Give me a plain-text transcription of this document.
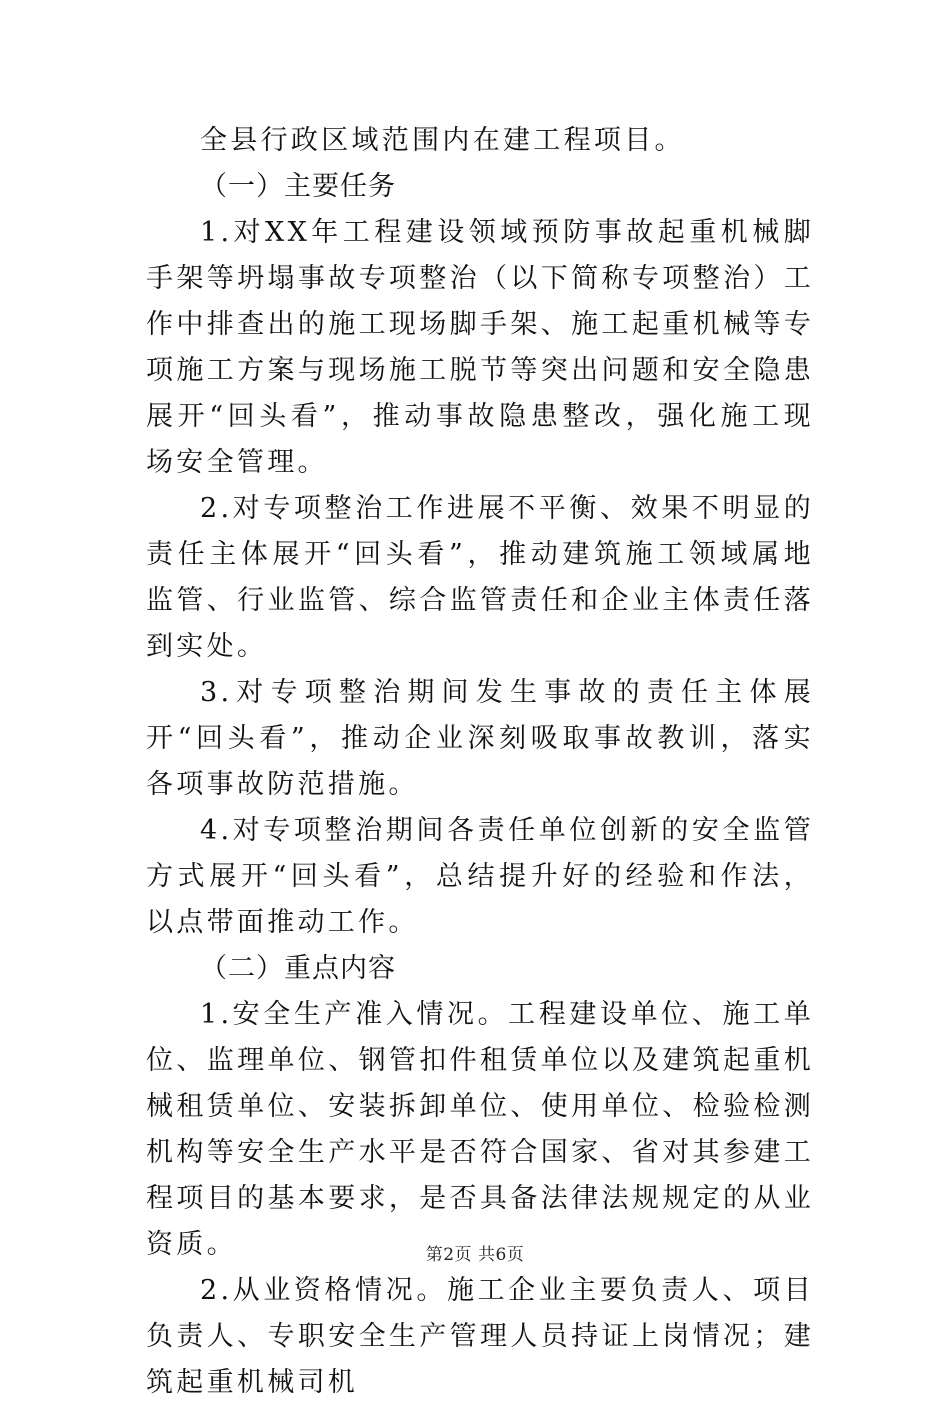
全县行政区域范围内在建工程项目。

（一）主要任务

1.对XX年工程建设领域预防事故起重机械脚手架等坍塌事故专项整治（以下简称专项整治）工作中排查出的施工现场脚手架、施工起重机械等专项施工方案与现场施工脱节等突出问题和安全隐患展开“回头看”，推动事故隐患整改，强化施工现场安全管理。

2.对专项整治工作进展不平衡、效果不明显的责任主体展开“回头看”，推动建筑施工领域属地监管、行业监管、综合监管责任和企业主体责任落到实处。

3.对专项整治期间发生事故的责任主体展开“回头看”，推动企业深刻吸取事故教训，落实各项事故防范措施。

4.对专项整治期间各责任单位创新的安全监管方式展开“回头看”，总结提升好的经验和作法，以点带面推动工作。

（二）重点内容

1.安全生产准入情况。工程建设单位、施工单位、监理单位、钢管扣件租赁单位以及建筑起重机械租赁单位、安装拆卸单位、使用单位、检验检测机构等安全生产水平是否符合国家、省对其参建工程项目的基本要求，是否具备法律法规规定的从业资质。

2.从业资格情况。施工企业主要负责人、项目负责人、专职安全生产管理人员持证上岗情况；建筑起重机械司机

第2页 共6页
